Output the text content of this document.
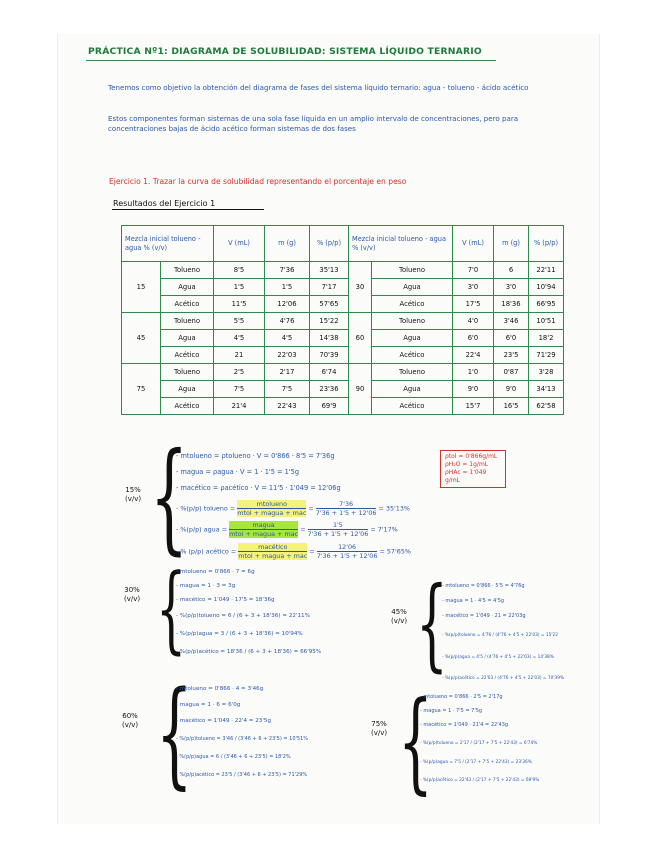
PRÁCTICA Nº1: DIAGRAMA DE SOLUBILIDAD: SISTEMA LÍQUIDO TERNARIO
Tenemos como objetivo la obtención del diagrama de fases del sistema líquido ternario: agua - tolueno - ácido acético
Estos componentes forman sistemas de una sola fase líquida en un amplio intervalo de concentraciones, pero para concentraciones bajas de ácido acético forman sistemas de dos fases
Ejercicio 1. Trazar la curva de solubilidad representando el porcentaje en peso
Resultados del Ejercicio 1
Mezcla inicial tolueno - agua % (v/v)		V (mL)	m (g)	% (p/p)	Mezcla inicial tolueno - agua % (v/v)		V (mL)	m (g)	% (p/p)
15	Tolueno	8'5	7'36	35'13	30	Tolueno	7'0	6	22'11
	Agua	1'5	1'5	7'17		Agua	3'0	3'0	10'94
	Acético	11'5	12'06	57'65		Acético	17'5	18'36	66'95
45	Tolueno	5'5	4'76	15'22	60	Tolueno	4'0	3'46	10'51
	Agua	4'5	4'5	14'38		Agua	6'0	6'0	18'2
	Acético	21	22'03	70'39		Acético	22'4	23'5	71'29
75	Tolueno	2'5	2'17	6'74	90	Tolueno	1'0	0'87	3'28
	Agua	7'5	7'5	23'36		Agua	9'0	9'0	34'13
	Acético	21'4	22'43	69'9		Acético	15'7	16'5	62'58
{
15%
(v/v)
- mtolueno = ρtolueno · V = 0'866 · 8'5 = 7'36g
- magua = ρagua · V = 1 · 1'5 = 1'5g
- macético = ρacético · V = 11'5 · 1'049 = 12'06g
- %(p/p) tolueno = $\frac{\text{mtolueno}}{\text{mtol + magua + mac}} = \frac{7'36}{7'36 + 1'5 + 12'06} = 35'13\%$
- %(p/p) agua = $\frac{\text{magua}}{\text{mtol + magua + mac}} = \frac{1'5}{7'36 + 1'5 + 12'06} = 7'17\%$
- % (p/p) acético = $\frac{\text{macético}}{\text{mtol + magua + mac}} = \frac{12'06}{7'36 + 1'5 + 12'06} = 57'65\%$
ρtol = 0'866g/mL
ρH₂O = 1g/mL
ρHAc = 1'049 g/mL
{
30%
(v/v)
- mtolueno = 0'866 · 7 = 6g
- magua = 1 · 3 = 3g
- macético = 1'049 · 17'5 = 18'36g
- %(p/p)tolueno = 6 / (6 + 3 + 18'36) = 22'11%
- %(p/p)agua = 3 / (6 + 3 + 18'36) = 10'94%
- %(p/p)acético = 18'36 / (6 + 3 + 18'36) = 66'95% {
45%
(v/v)
- mtolueno = 0'866 · 5'5 = 4'76g
- magua = 1 · 4'5 = 4'5g
- macético = 1'049 · 21 = 22'03g
- %(p/p)tolueno = 4'76 / (4'76 + 4'5 + 22'03) = 15'22
- %(p/p)agua = 4'5 / (4'76 + 4'5 + 22'03) = 14'38%
- %(p/p)acético = 22'03 / (4'76 + 4'5 + 22'03) = 70'39%
{
60%
(v/v)
- mtolueno = 0'866 · 4 = 3'46g
- magua = 1 · 6 = 6'0g
- macético = 1'049 · 22'4 = 23'5g
- %(p/p)tolueno = 3'46 / (3'46 + 6 + 23'5) = 10'51%
- %(p/p)agua = 6 / (3'46 + 6 + 23'5) = 18'2%
- %(p/p)acético = 23'5 / (3'46 + 6 + 23'5) = 71'29% {
75%
(v/v)
- mtolueno = 0'866 · 2'5 = 2'17g
- magua = 1 · 7'5 = 7'5g
- macético = 1'049 · 21'4 = 22'43g
- %(p/p)tolueno = 2'17 / (2'17 + 7'5 + 22'43) = 6'74%
- %(p/p)agua = 7'5 / (2'17 + 7'5 + 22'43) = 23'36%
- %(p/p)acético = 22'43 / (2'17 + 7'5 + 22'43) = 69'9%
